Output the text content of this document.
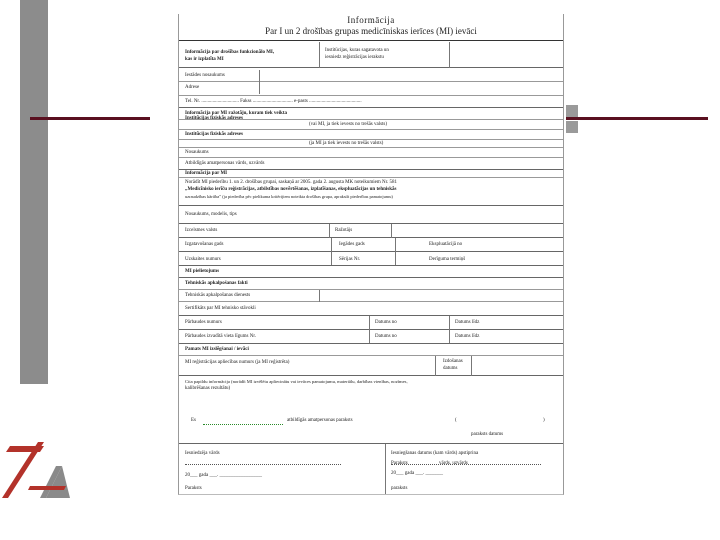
Informācija
Par I un 2 drošības grupas medicīniskas ierīces (MI) ievāci
Informācija par drošības funkcionālo MI,
kas ir izplatīta MI
Institūcijas, kuras sagatavota un
iesniedz reģistrācijas ierakstu
Iestādes nosaukums
Adrese
Tel. Nr. .............................. Fakss ................................ e-pasts ..........................................
Informācija par MI ražotāju, kuram tiek veikta
Institūcijas fiziskās adreses
(vai MI, ja tiek ievests no trešās valsts)
Institūcijas fiziskās adreses
(ja MI ja tiek ievests no trešās valsts)
Nosaukums
Atbildīgās amatpersonas vārds, uzvārds
Informācija par MI
Norādīt MI piederību 1. un 2. drošības grupai, saskaņā ar 2005. gada 2. augusta MK noteikumiem Nr. 581
„Medicīnisko ierīču reģistrācijas, atbilstības novērtēšanas, izplatīšanas, ekspluatācijas un tehniskās
uzraudzības kārtība” (ja piederība pēc pielikuma kritērijiem noteikta drošības grupa, aprakstīt piederības pamatojumu)
Nosaukums, modelis, tips
Izcelsmes valsts	Ražotājs
Izgatavošanas gads	Iegādes gads	Ekspluatācijā no
Uzskaites numurs	Sērijas Nr.	Derīguma termiņš
MI pielietojums
Tehniskās apkalpošanas fakti
Tehniskās apkalpošanas dienests
Sertifikāts par MI tehnisko stāvokli
Pārbaudes numurs	Datums no	Datums līdz
Pārbaudes izvadītā vieta līgums Nr.	Datums no	Datums līdz
Pamats MI izslēgšanai / ievāci
MI reģistrācijas apliecības numurs (ja MI reģistrēta)	Izdošanas
datums
Cita papildu informācija (norādīt MI izvēlētu apliecinātu vai ievāces pamatojumu, materiālu, darbības vienības, nozīmes,
kalibrēšanas rezultātu)
Es	atbildīgās amatpersonas paraksts	(	)
paraksts datums
Iesniedzēja vārds	Iesniegšanas datums (kam vārds) apstiprina
Paraksts	vārds, uzvārds
20___ gada ___. _________________	20___ gada ___. _______
Paraksts	paraksts
